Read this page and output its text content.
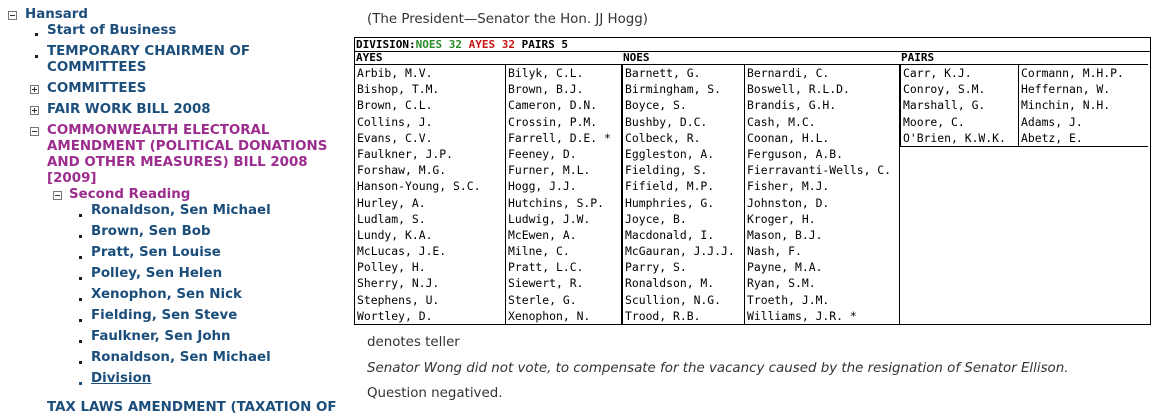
Hansard
Start of Business
TEMPORARY CHAIRMEN OF
COMMITTEES
COMMITTEES
FAIR WORK BILL 2008
COMMONWEALTH ELECTORAL
AMENDMENT (POLITICAL DONATIONS
AND OTHER MEASURES) BILL 2008
[2009]
Second Reading
Ronaldson, Sen Michael
Brown, Sen Bob
Pratt, Sen Louise
Polley, Sen Helen
Xenophon, Sen Nick
Fielding, Sen Steve
Faulkner, Sen John
Ronaldson, Sen Michael
Division
TAX LAWS AMENDMENT (TAXATION OF
(The President—Senator the Hon. JJ Hogg)
DIVISION:NOES 32 AYES 32 PAIRS 5
AYES
Arbib, M.V.
Bishop, T.M.
Brown, C.L.
Collins, J.
Evans, C.V.
Faulkner, J.P.
Forshaw, M.G.
Hanson-Young, S.C.
Hurley, A.
Ludlam, S.
Lundy, K.A.
McLucas, J.E.
Polley, H.
Sherry, N.J.
Stephens, U.
Wortley, D.
Bilyk, C.L.
Brown, B.J.
Cameron, D.N.
Crossin, P.M.
Farrell, D.E. *
Feeney, D.
Furner, M.L.
Hogg, J.J.
Hutchins, S.P.
Ludwig, J.W.
McEwen, A.
Milne, C.
Pratt, L.C.
Siewert, R.
Sterle, G.
Xenophon, N.
NOES
Barnett, G.
Birmingham, S.
Boyce, S.
Bushby, D.C.
Colbeck, R.
Eggleston, A.
Fielding, S.
Fifield, M.P.
Humphries, G.
Joyce, B.
Macdonald, I.
McGauran, J.J.J.
Parry, S.
Ronaldson, M.
Scullion, N.G.
Trood, R.B.
Bernardi, C.
Boswell, R.L.D.
Brandis, G.H.
Cash, M.C.
Coonan, H.L.
Ferguson, A.B.
Fierravanti-Wells, C.
Fisher, M.J.
Johnston, D.
Kroger, H.
Mason, B.J.
Nash, F.
Payne, M.A.
Ryan, S.M.
Troeth, J.M.
Williams, J.R. *
PAIRS
Carr, K.J.
Conroy, S.M.
Marshall, G.
Moore, C.
O'Brien, K.W.K.
Cormann, M.H.P.
Heffernan, W.
Minchin, N.H.
Adams, J.
Abetz, E.
denotes teller
Senator Wong did not vote, to compensate for the vacancy caused by the resignation of Senator Ellison.
Question negatived.
